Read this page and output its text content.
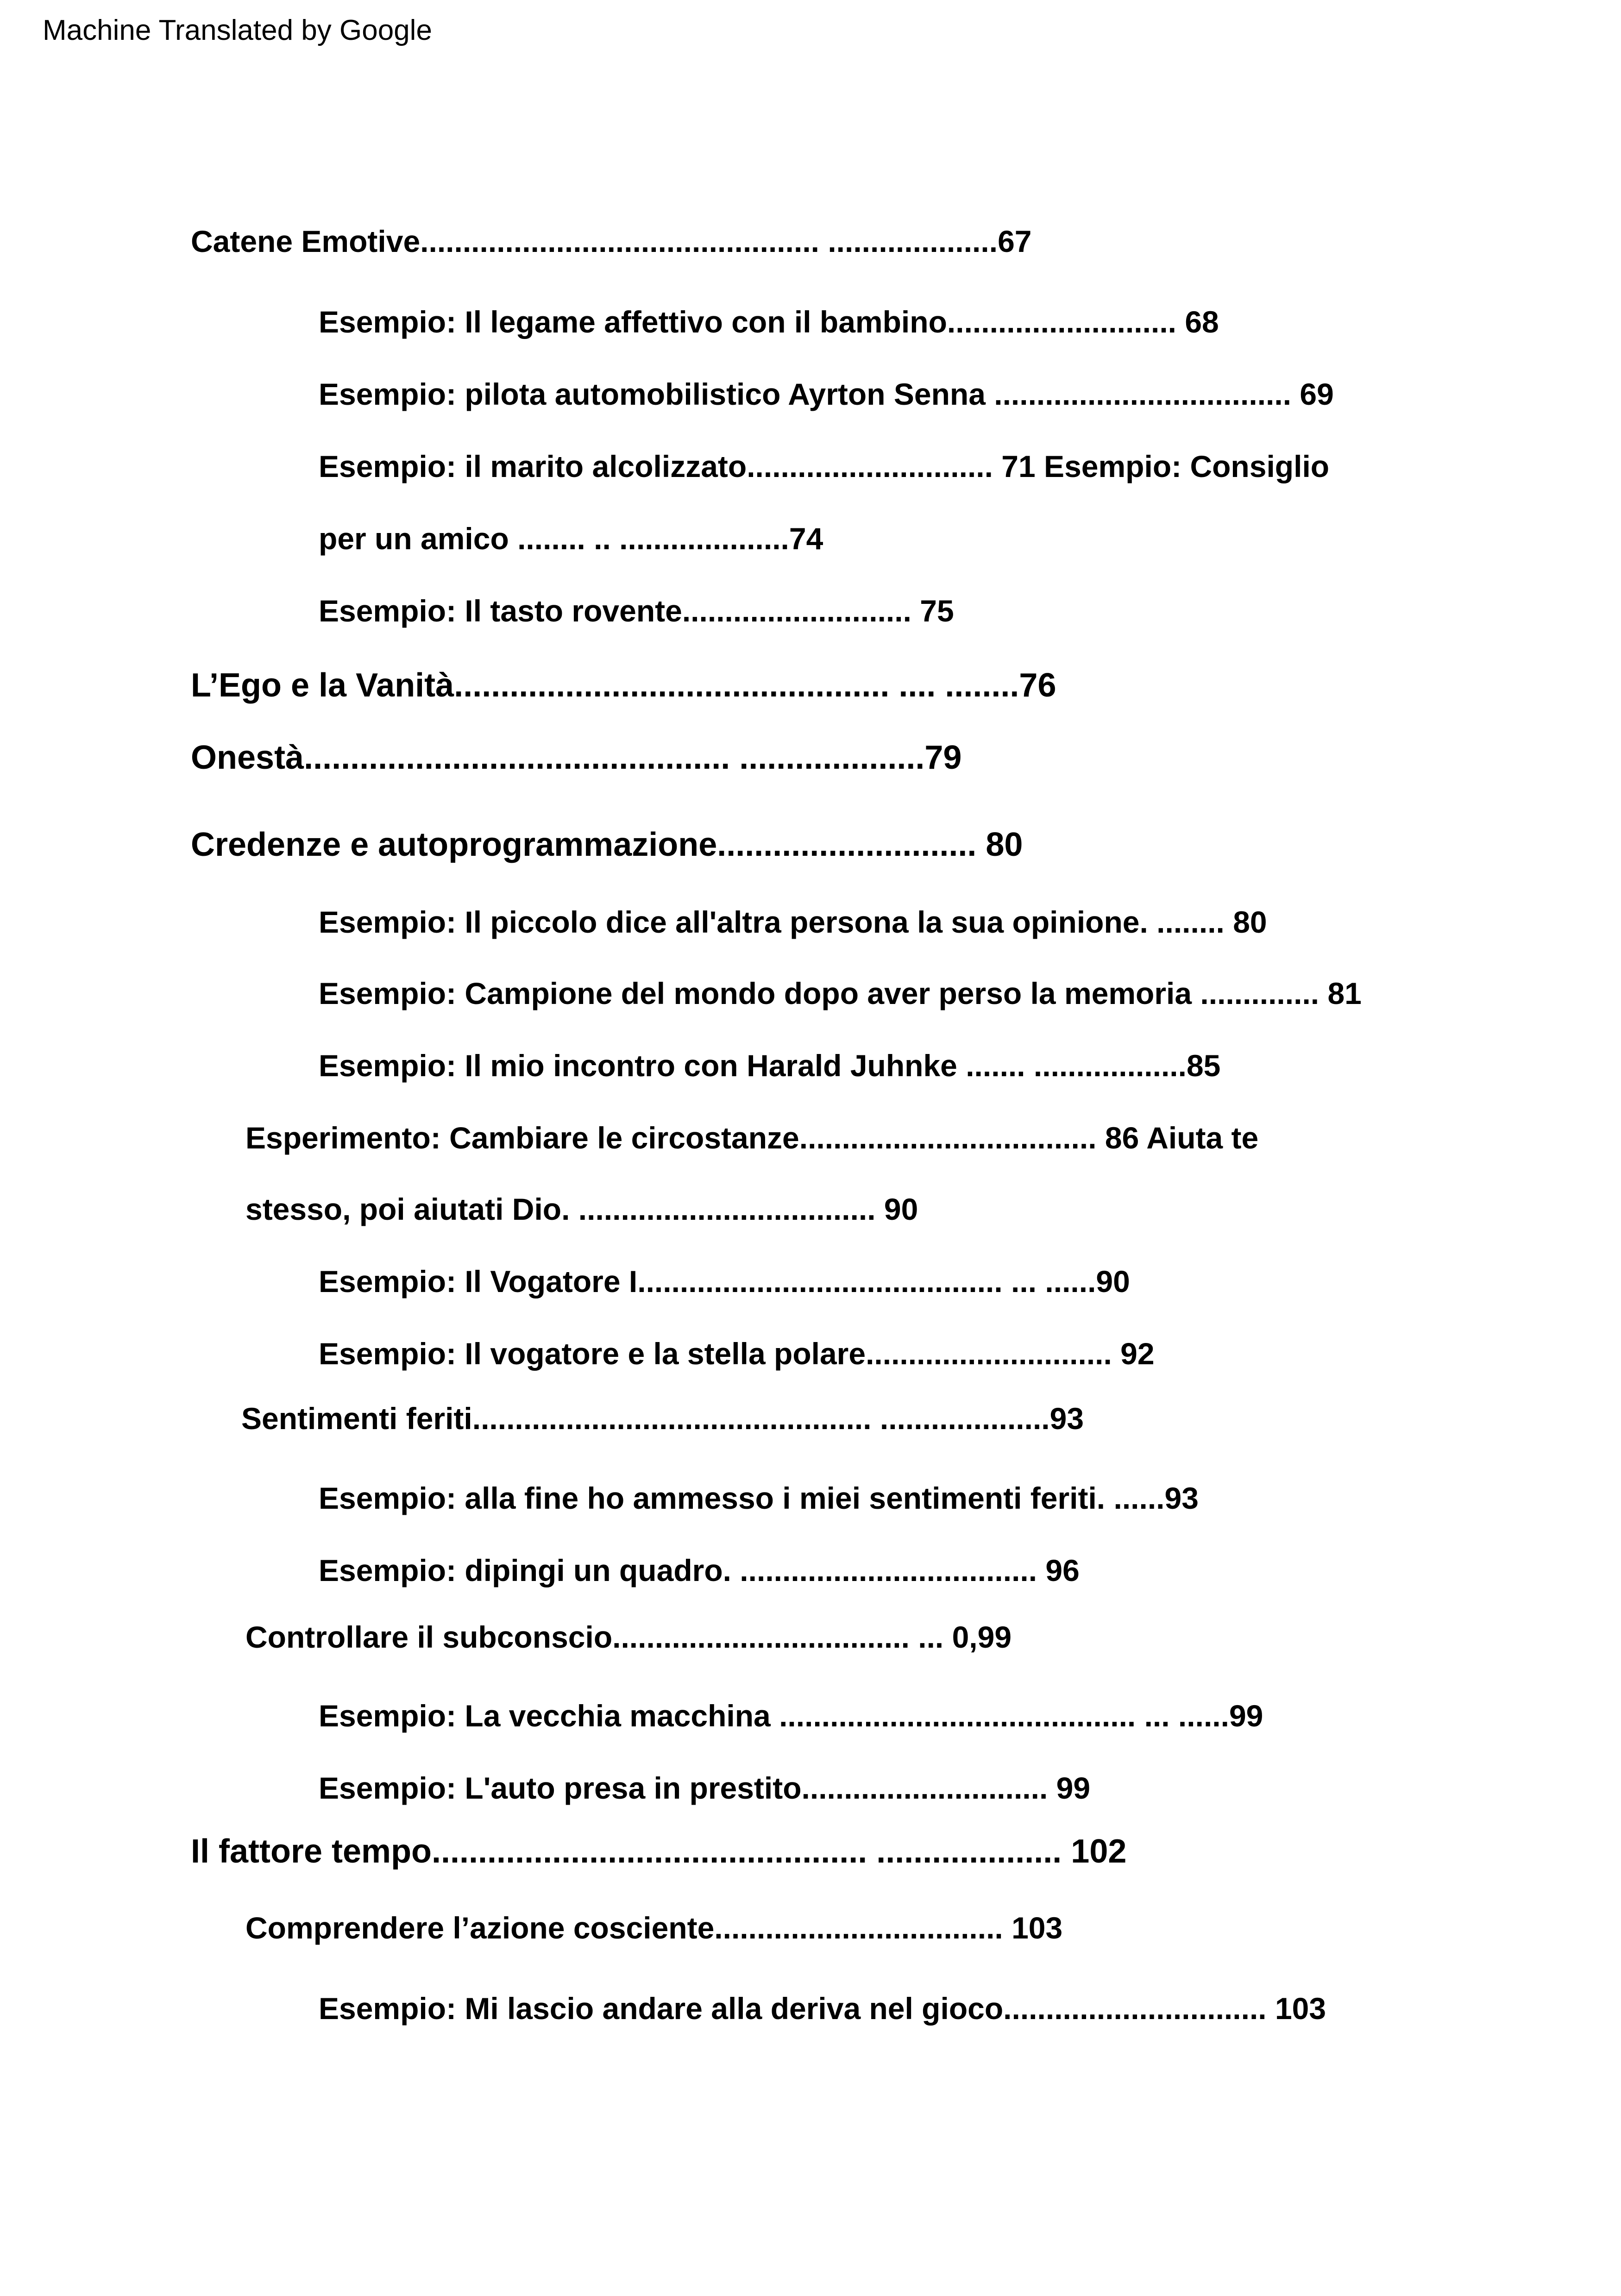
Machine Translated by Google
Catene Emotive............................................... ....................67
Esempio: Il legame affettivo con il bambino........................... 68
Esempio: pilota automobilistico Ayrton Senna ................................... 69
Esempio: il marito alcolizzato............................. 71 Esempio: Consiglio
per un amico ........ .. ....................74
Esempio: Il tasto rovente........................... 75
L’Ego e la Vanità............................................... .... ........76
Onestà.............................................. ....................79
Credenze e autoprogrammazione............................ 80
Esempio: Il piccolo dice all'altra persona la sua opinione. ........ 80
Esempio: Campione del mondo dopo aver perso la memoria .............. 81
Esempio: Il mio incontro con Harald Juhnke ....... ..................85
Esperimento: Cambiare le circostanze................................... 86 Aiuta te
stesso, poi aiutati Dio. ................................... 90
Esempio: Il Vogatore I........................................... ... ......90
Esempio: Il vogatore e la stella polare............................. 92
Sentimenti feriti............................................... ....................93
Esempio: alla fine ho ammesso i miei sentimenti feriti. ......93
Esempio: dipingi un quadro. ................................... 96
Controllare il subconscio................................... ... 0,99
Esempio: La vecchia macchina .......................................... ... ......99
Esempio: L'auto presa in prestito............................. 99
Il fattore tempo............................................... .................... 102
Comprendere l’azione cosciente.................................. 103
Esempio: Mi lascio andare alla deriva nel gioco............................... 103
